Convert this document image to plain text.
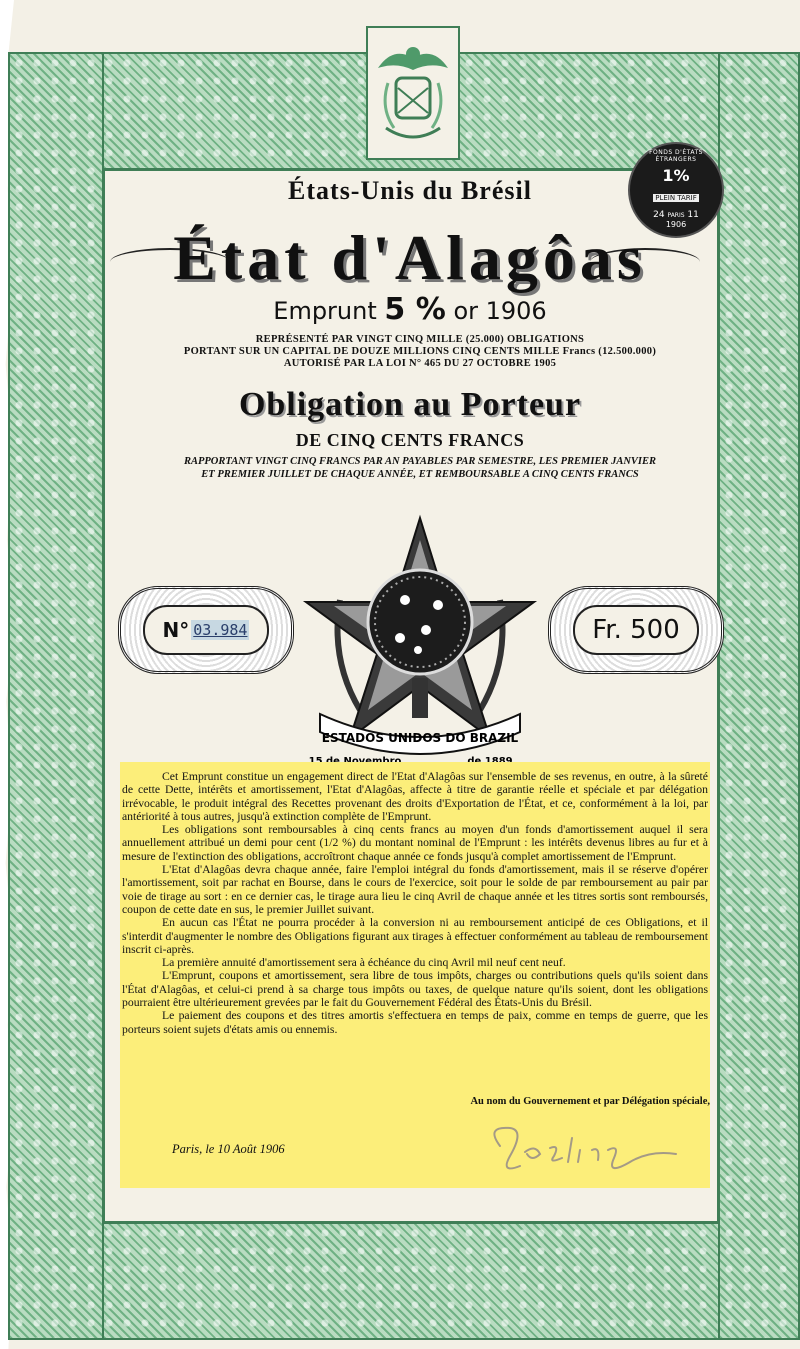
FONDS D'ÉTATS ÉTRANGERS
1%
PLEIN TARIF
24 PARIS 11
1906
États-Unis du Brésil
État d'Alagôas
Emprunt 5 % or 1906
REPRÉSENTÉ PAR VINGT CINQ MILLE (25.000) OBLIGATIONS
PORTANT SUR UN CAPITAL DE DOUZE MILLIONS CINQ CENTS MILLE Francs (12.500.000)
AUTORISÉ PAR LA LOI N° 465 DU 27 OCTOBRE 1905
Obligation au Porteur
DE CINQ CENTS FRANCS
RAPPORTANT VINGT CINQ FRANCS PAR AN PAYABLES PAR SEMESTRE, LES PREMIER JANVIER
ET PREMIER JUILLET DE CHAQUE ANNÉE, ET REMBOURSABLE A CINQ CENTS FRANCS
N° 03.984	Fr. 500
ESTADOS UNIDOS DO BRAZIL

Cet Emprunt constitue un engagement direct de l'Etat d'Alagôas sur l'ensemble de ses revenus, en outre, à la sûreté de cette Dette, intérêts et amortissement, l'Etat d'Alagôas, affecte à titre de garantie réelle et spéciale et par délégation irrévocable, le produit intégral des Recettes provenant des droits d'Exportation de l'État, et ce, conformément à la loi, par antériorité à tous autres, jusqu'à extinction complète de l'Emprunt.

Les obligations sont remboursables à cinq cents francs au moyen d'un fonds d'amortissement auquel il sera annuellement attribué un demi pour cent (1/2 %) du montant nominal de l'Emprunt : les intérêts devenus libres au fur et à mesure de l'extinction des obligations, accroîtront chaque année ce fonds jusqu'à complet amortissement de l'Emprunt.

L'Etat d'Alagôas devra chaque année, faire l'emploi intégral du fonds d'amortissement, mais il se réserve d'opérer l'amortissement, soit par rachat en Bourse, dans le cours de l'exercice, soit pour le solde de par remboursement au pair par voie de tirage au sort : en ce dernier cas, le tirage aura lieu le cinq Avril de chaque année et les titres sortis sont remboursés, coupon de cette date en sus, le premier Juillet suivant.

En aucun cas l'État ne pourra procéder à la conversion ni au remboursement anticipé de ces Obligations, et il s'interdit d'augmenter le nombre des Obligations figurant aux tirages à effectuer conformément au tableau de remboursement inscrit ci-après.

La première annuité d'amortissement sera à échéance du cinq Avril mil neuf cent neuf.

L'Emprunt, coupons et amortissement, sera libre de tous impôts, charges ou contributions quels qu'ils soient dans l'État d'Alagôas, et celui-ci prend à sa charge tous impôts ou taxes, de quelque nature qu'ils soient, dont les obligations pourraient être ultérieurement grevées par le fait du Gouvernement Fédéral des États-Unis du Brésil.

Le paiement des coupons et des titres amortis s'effectuera en temps de paix, comme en temps de guerre, que les porteurs soient sujets d'états amis ou ennemis.

Au nom du Gouvernement et par Délégation spéciale,
Paris, le 10 Août 1906
